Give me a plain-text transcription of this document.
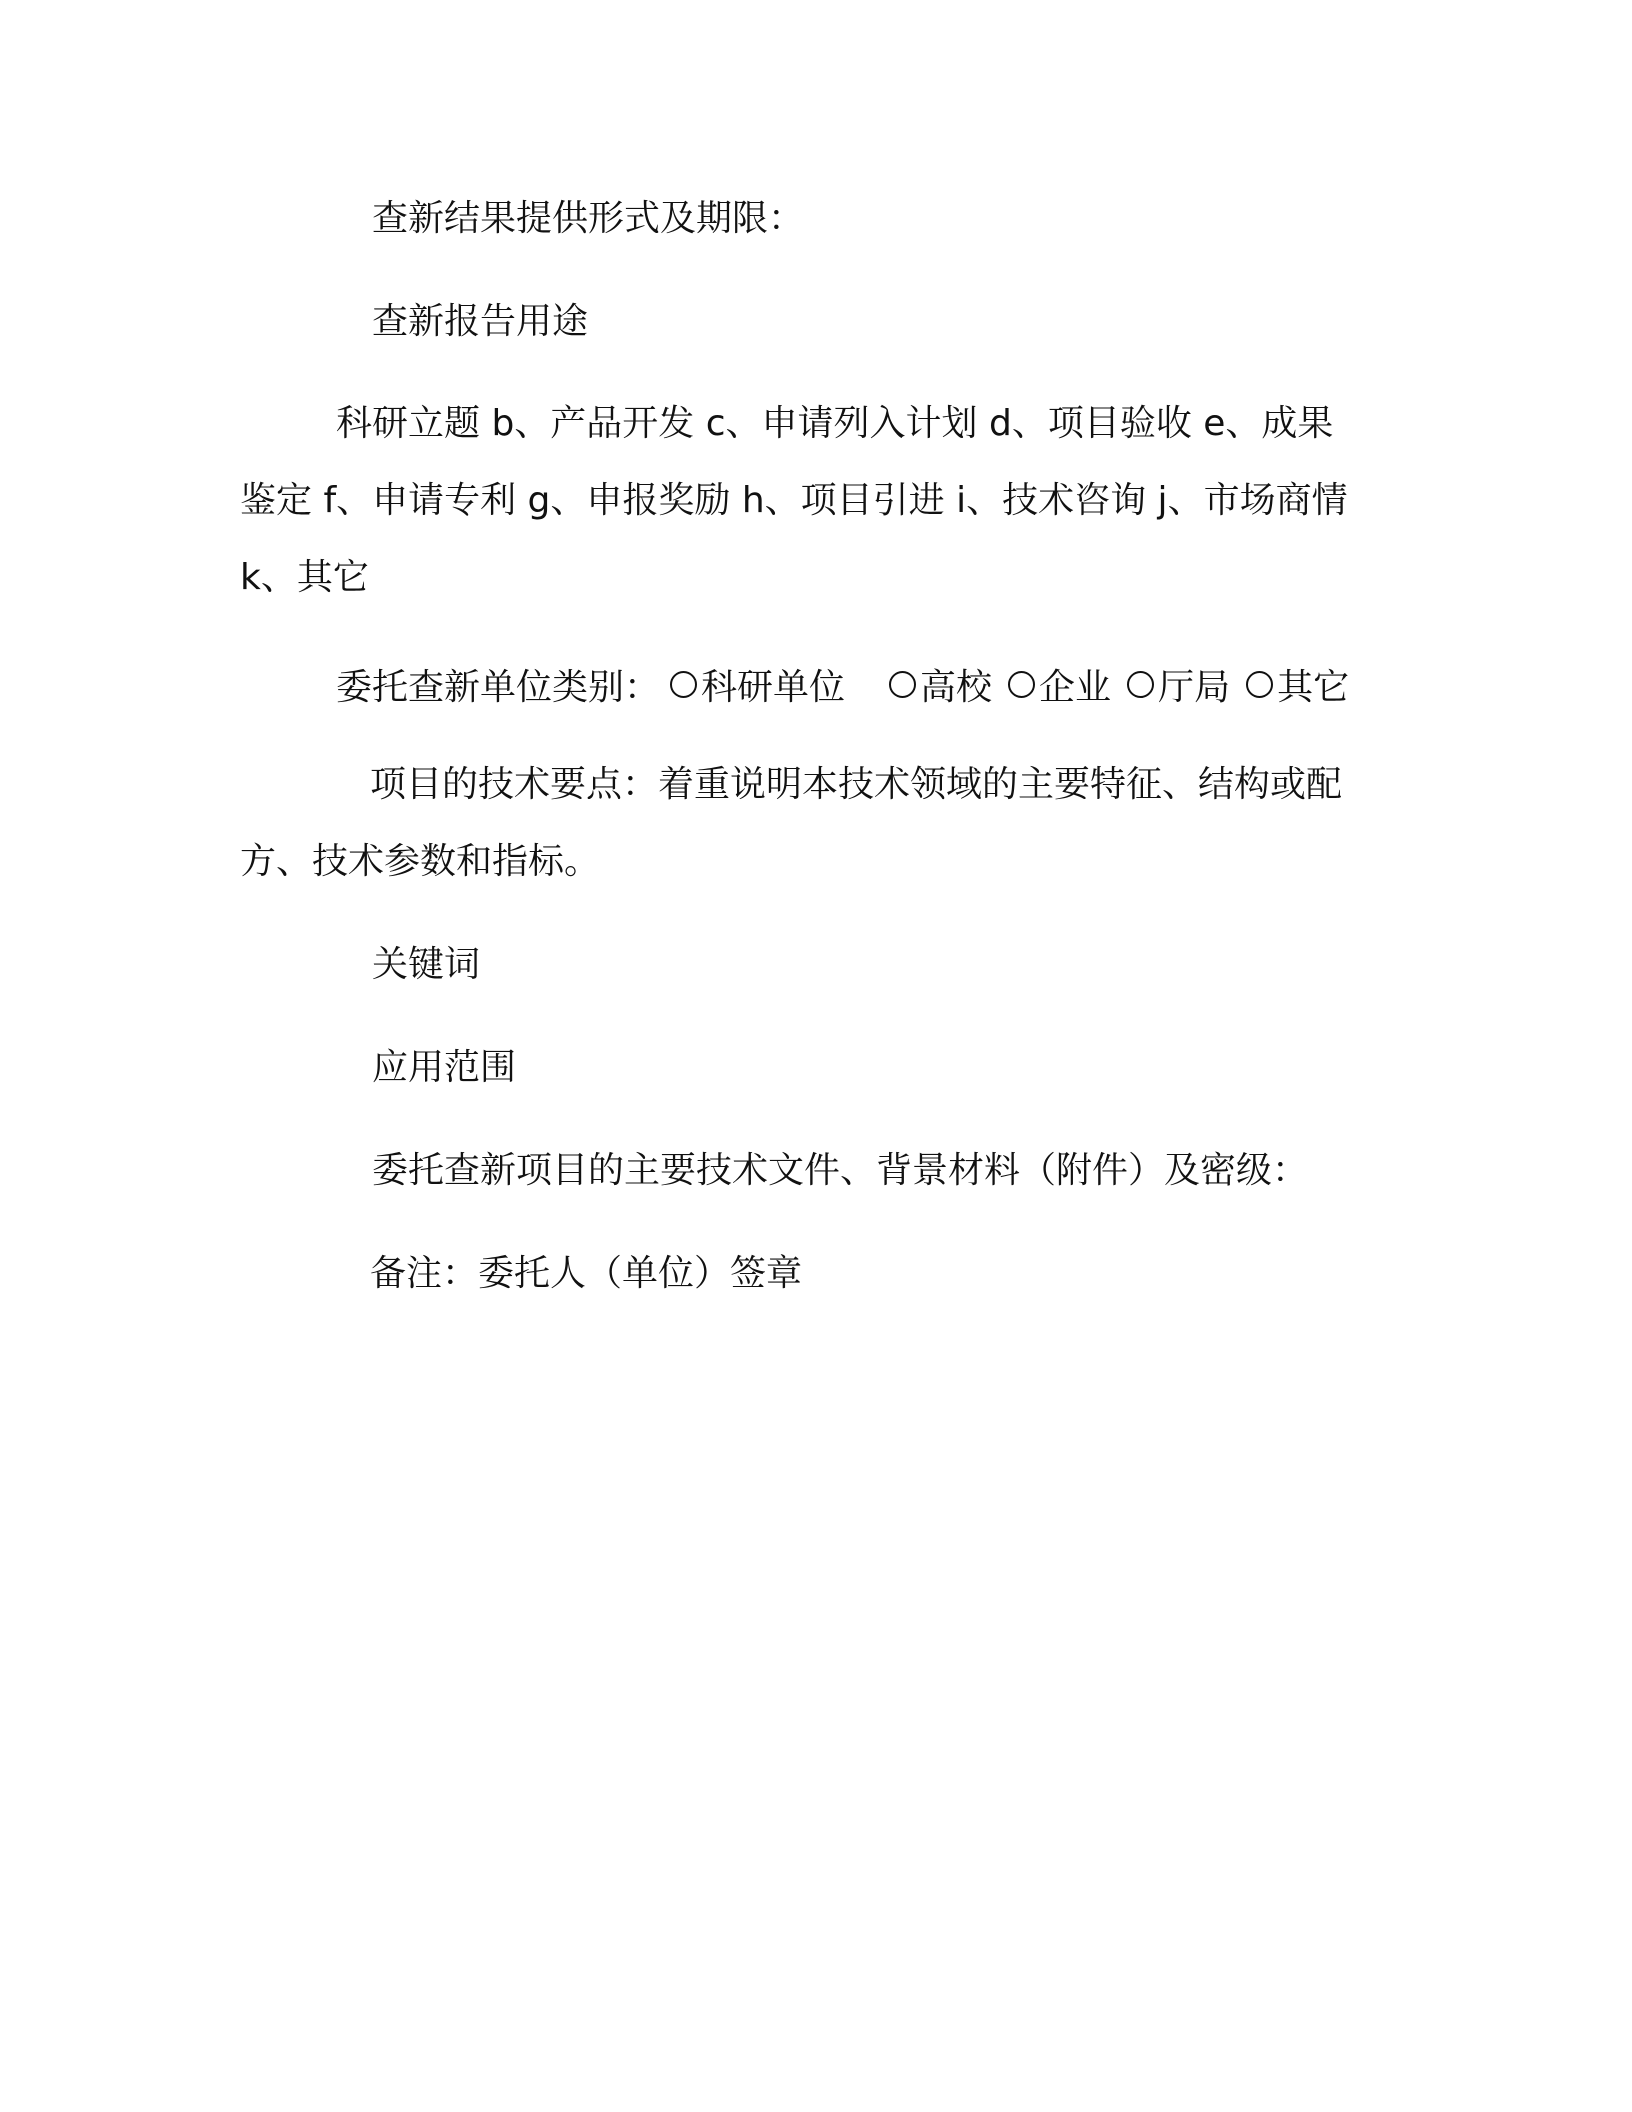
查新结果提供形式及期限：
查新报告用途
科研立题 b、产品开发 c、申请列入计划 d、项目验收 e、成果
鉴定 f、申请专利 g、申报奖励 h、项目引进 i、技术咨询 j、市场商情
k、其它
委托查新单位类别： 科研单位 高校 企业 厅局 其它
项目的技术要点：着重说明本技术领域的主要特征、结构或配
方、技术参数和指标。
关键词
应用范围
委托查新项目的主要技术文件、背景材料（附件）及密级：
备注：委托人（单位）签章
